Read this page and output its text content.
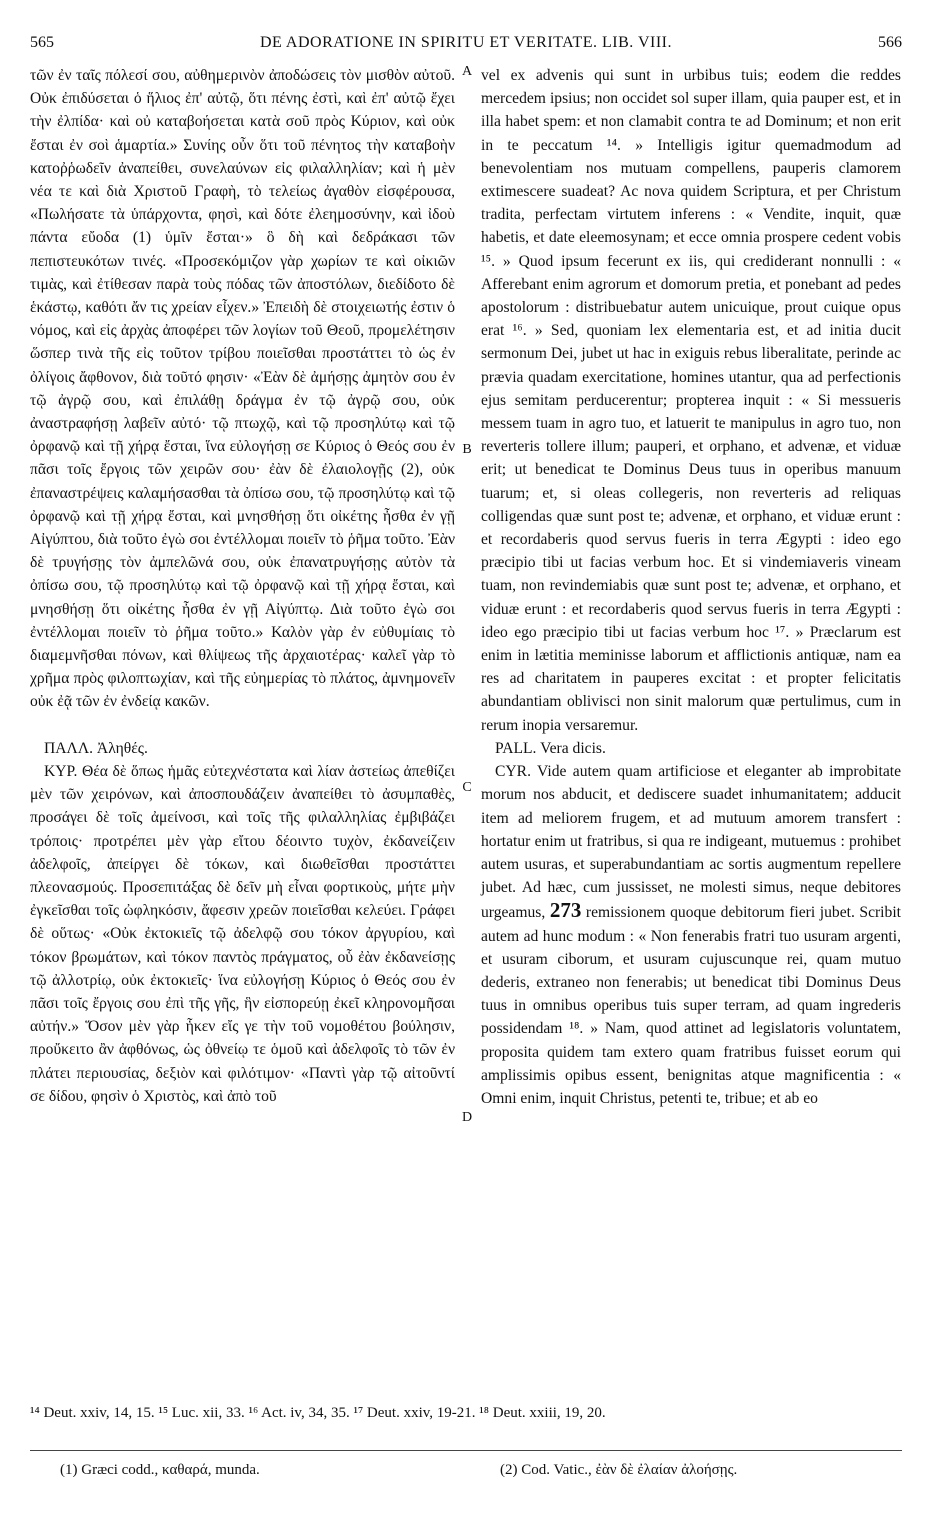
565	DE ADORATIONE IN SPIRITU ET VERITATE. LIB. VIII.	566

τῶν ἐν ταῖς πόλεσί σου, αὐθημερινὸν ἀποδώσεις τὸν μισθὸν αὐτοῦ. Οὐκ ἐπιδύσεται ὁ ἥλιος ἐπ' αὐτῷ, ὅτι πένης ἐστὶ, καὶ ἐπ' αὐτῷ ἔχει τὴν ἐλπίδα· καὶ οὐ καταβοήσεται κατὰ σοῦ πρὸς Κύριον, καὶ οὐκ ἔσται ἐν σοὶ ἁμαρτία.» Συνίης οὖν ὅτι τοῦ πένητος τὴν καταβοὴν κατοῤῥωδεῖν ἀναπείθει, συνελαύνων εἰς φιλαλληλίαν; καὶ ἡ μὲν νέα τε καὶ διὰ Χριστοῦ Γραφὴ, τὸ τελείως ἀγαθὸν εἰσφέρουσα, «Πωλήσατε τὰ ὑπάρχοντα, φησὶ, καὶ δότε ἐλεημοσύνην, καὶ ἰδοὺ πάντα εὔοδα (1) ὑμῖν ἔσται·» ὃ δὴ καὶ δεδράκασι τῶν πεπιστευκότων τινές. «Προσεκόμιζον γὰρ χωρίων τε καὶ οἰκιῶν τιμὰς, καὶ ἐτίθεσαν παρὰ τοὺς πόδας τῶν ἀποστόλων, διεδίδοτο δὲ ἑκάστῳ, καθότι ἄν τις χρείαν εἶχεν.» Ἐπειδὴ δὲ στοιχειωτής ἐστιν ὁ νόμος, καὶ εἰς ἀρχὰς ἀποφέρει τῶν λογίων τοῦ Θεοῦ, προμελέτησιν ὥσπερ τινὰ τῆς εἰς τοῦτον τρίβου ποιεῖσθαι προστάττει τὸ ὡς ἐν ὀλίγοις ἄφθονον, διὰ τοῦτό φησιν· «Ἐὰν δὲ ἀμήσῃς ἀμητὸν σου ἐν τῷ ἀγρῷ σου, καὶ ἐπιλάθῃ δράγμα ἐν τῷ ἀγρῷ σου, οὐκ ἀναστραφήσῃ λαβεῖν αὐτό· τῷ πτωχῷ, καὶ τῷ προσηλύτῳ καὶ τῷ ὀρφανῷ καὶ τῇ χήρᾳ ἔσται, ἵνα εὐλογήσῃ σε Κύριος ὁ Θεός σου ἐν πᾶσι τοῖς ἔργοις τῶν χειρῶν σου· ἐὰν δὲ ἐλαιολογῇς (2), οὐκ ἐπαναστρέψεις καλαμήσασθαι τὰ ὀπίσω σου, τῷ προσηλύτῳ καὶ τῷ ὀρφανῷ καὶ τῇ χήρᾳ ἔσται, καὶ μνησθήσῃ ὅτι οἰκέτης ἦσθα ἐν γῇ Αἰγύπτου, διὰ τοῦτο ἐγὼ σοι ἐντέλλομαι ποιεῖν τὸ ῥῆμα τοῦτο. Ἐὰν δὲ τρυγήσῃς τὸν ἀμπελῶνά σου, οὐκ ἐπανατρυγήσῃς αὐτὸν τὰ ὀπίσω σου, τῷ προσηλύτῳ καὶ τῷ ὀρφανῷ καὶ τῇ χήρᾳ ἔσται, καὶ μνησθήσῃ ὅτι οἰκέτης ἦσθα ἐν γῇ Αἰγύπτῳ. Διὰ τοῦτο ἐγὼ σοι ἐντέλλομαι ποιεῖν τὸ ῥῆμα τοῦτο.» Καλὸν γὰρ ἐν εὐθυμίαις τὸ διαμεμνῆσθαι πόνων, καὶ θλίψεως τῆς ἀρχαιοτέρας· καλεῖ γὰρ τὸ χρῆμα πρὸς φιλοπτωχίαν, καὶ τῆς εὐημερίας τὸ πλάτος, ἀμνημονεῖν οὐκ ἐᾷ τῶν ἐν ἐνδείᾳ κακῶν.

ΠΑΛΛ. Ἀληθές.

ΚΥΡ. Θέα δὲ ὅπως ἡμᾶς εὐτεχνέστατα καὶ λίαν ἀστείως ἀπεθίζει μὲν τῶν χειρόνων, καὶ ἀποσπουδάζειν ἀναπείθει τὸ ἀσυμπαθὲς, προσάγει δὲ τοῖς ἀμείνοσι, καὶ τοῖς τῆς φιλαλληλίας ἐμβιβάζει τρόποις· προτρέπει μὲν γὰρ εἴτου δέοιντο τυχὸν, ἐκδανείζειν ἀδελφοῖς, ἀπείργει δὲ τόκων, καὶ διωθεῖσθαι προστάττει πλεονασμούς. Προσεπιτάξας δὲ δεῖν μὴ εἶναι φορτικοὺς, μήτε μὴν ἐγκεῖσθαι τοῖς ὠφληκόσιν, ἄφεσιν χρεῶν ποιεῖσθαι κελεύει. Γράφει δὲ οὕτως· «Οὐκ ἐκτοκιεῖς τῷ ἀδελφῷ σου τόκον ἀργυρίου, καὶ τόκον βρωμάτων, καὶ τόκον παντὸς πράγματος, οὗ ἐὰν ἐκδανείσῃς τῷ ἀλλοτρίῳ, οὐκ ἐκτοκιεῖς· ἵνα εὐλογήσῃ Κύριος ὁ Θεός σου ἐν πᾶσι τοῖς ἔργοις σου ἐπὶ τῆς γῆς, ἣν εἰσπορεύῃ ἐκεῖ κληρονομῆσαι αὐτήν.» Ὅσον μὲν γὰρ ἧκεν εἴς γε τὴν τοῦ νομοθέτου βούλησιν, προὔκειτο ἂν ἀφθόνως, ὡς ὀθνείῳ τε ὁμοῦ καὶ ἀδελφοῖς τὸ τῶν ἐν πλάτει περιουσίας, δεξιὸν καὶ φιλότιμον· «Παντὶ γὰρ τῷ αἰτοῦντί σε δίδου, φησὶν ὁ Χριστὸς, καὶ ἀπὸ τοῦ

A
B
C
D

vel ex advenis qui sunt in urbibus tuis; eodem die reddes mercedem ipsius; non occidet sol super illam, quia pauper est, et in illa habet spem: et non clamabit contra te ad Dominum; et non erit in te peccatum ¹⁴. » Intelligis igitur quemadmodum ad benevolentiam nos mutuam compellens, pauperis clamorem extimescere suadeat? Ac nova quidem Scriptura, et per Christum tradita, perfectam virtutem inferens : « Vendite, inquit, quæ habetis, et date eleemosynam; et ecce omnia prospere cedent vobis ¹⁵. » Quod ipsum fecerunt ex iis, qui crediderant nonnulli : « Afferebant enim agrorum et domorum pretia, et ponebant ad pedes apostolorum : distribuebatur autem unicuique, prout cuique opus erat ¹⁶. » Sed, quoniam lex elementaria est, et ad initia ducit sermonum Dei, jubet ut hac in exiguis rebus liberalitate, perinde ac prævia quadam exercitatione, homines utantur, qua ad perfectionis ejus semitam perducerentur; propterea inquit : « Si messueris messem tuam in agro tuo, et latuerit te manipulus in agro tuo, non reverteris tollere illum; pauperi, et orphano, et advenæ, et viduæ erit; ut benedicat te Dominus Deus tuus in operibus manuum tuarum; et, si oleas collegeris, non reverteris ad reliquas colligendas quæ sunt post te; advenæ, et orphano, et viduæ erunt : et recordaberis quod servus fueris in terra Ægypti : ideo ego præcipio tibi ut facias verbum hoc. Et si vindemiaveris vineam tuam, non revindemiabis quæ sunt post te; advenæ, et orphano, et viduæ erunt : et recordaberis quod servus fueris in terra Ægypti : ideo ego præcipio tibi ut facias verbum hoc ¹⁷. » Præclarum est enim in lætitia meminisse laborum et afflictionis antiquæ, nam ea res ad charitatem in pauperes excitat : et propter felicitatis abundantiam oblivisci non sinit malorum quæ pertulimus, cum in rerum inopia versaremur.

PALL. Vera dicis.

CYR. Vide autem quam artificiose et eleganter ab improbitate morum nos abducit, et dediscere suadet inhumanitatem; adducit item ad meliorem frugem, et ad mutuum amorem transfert : hortatur enim ut fratribus, si qua re indigeant, mutuemus : prohibet autem usuras, et superabundantiam ac sortis augmentum repellere jubet. Ad hæc, cum jussisset, ne molesti simus, neque debitores urgeamus, 273 remissionem quoque debitorum fieri jubet. Scribit autem ad hunc modum : « Non fenerabis fratri tuo usuram argenti, et usuram ciborum, et usuram cujuscunque rei, quam mutuo dederis, extraneo non fenerabis; ut benedicat tibi Dominus Deus tuus in omnibus operibus tuis super terram, ad quam ingrederis possidendam ¹⁸. » Nam, quod attinet ad legislatoris voluntatem, proposita quidem tam extero quam fratribus fuisset eorum qui amplissimis opibus essent, benignitas atque magnificentia : « Omni enim, inquit Christus, petenti te, tribue; et ab eo

¹⁴ Deut. xxiv, 14, 15. ¹⁵ Luc. xii, 33. ¹⁶ Act. iv, 34, 35. ¹⁷ Deut. xxiv, 19-21. ¹⁸ Deut. xxiii, 19, 20.

(1) Græci codd., καθαρά, munda.	(2) Cod. Vatic., ἐὰν δὲ ἐλαίαν ἀλοήσῃς.
